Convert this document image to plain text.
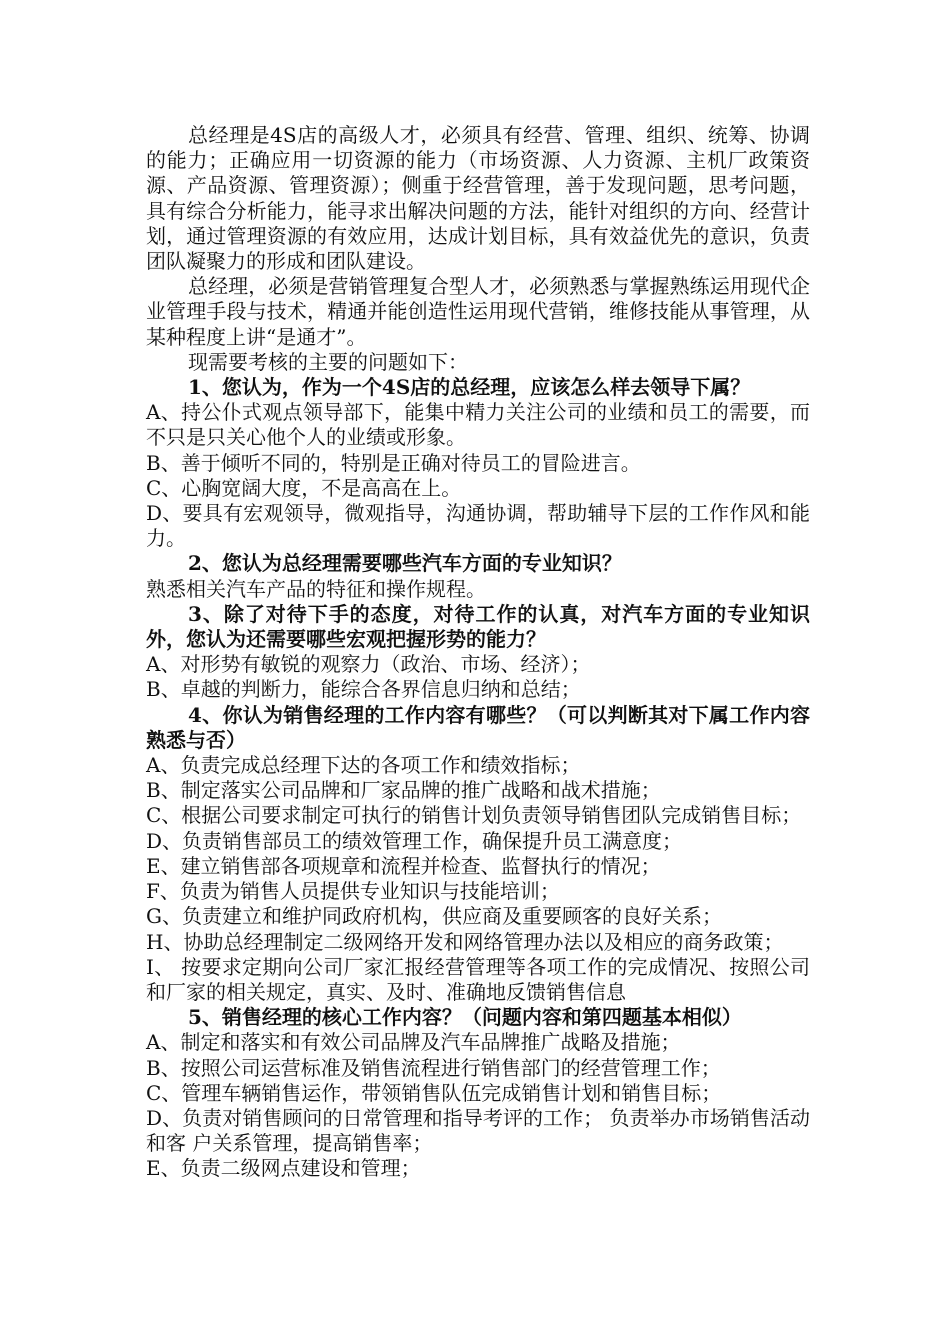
总经理是4S店的高级人才，必须具有经营、管理、组织、统筹、协调的能力；正确应用一切资源的能力（市场资源、人力资源、主机厂政策资源、产品资源、管理资源）；侧重于经营管理，善于发现问题，思考问题，具有综合分析能力，能寻求出解决问题的方法，能针对组织的方向、经营计划，通过管理资源的有效应用，达成计划目标，具有效益优先的意识，负责团队凝聚力的形成和团队建设。

总经理，必须是营销管理复合型人才，必须熟悉与掌握熟练运用现代企业管理手段与技术，精通并能创造性运用现代营销，维修技能从事管理，从某种程度上讲“是通才”。

现需要考核的主要的问题如下：

1、您认为，作为一个4S店的总经理，应该怎么样去领导下属？

A、持公仆式观点领导部下，能集中精力关注公司的业绩和员工的需要，而不只是只关心他个人的业绩或形象。

B、善于倾听不同的，特别是正确对待员工的冒险进言。

C、心胸宽阔大度，不是高高在上。

D、要具有宏观领导，微观指导，沟通协调，帮助辅导下层的工作作风和能力。

2、您认为总经理需要哪些汽车方面的专业知识？

熟悉相关汽车产品的特征和操作规程。

3、除了对待下手的态度，对待工作的认真，对汽车方面的专业知识外，您认为还需要哪些宏观把握形势的能力？

A、对形势有敏锐的观察力（政治、市场、经济）；

B、卓越的判断力，能综合各界信息归纳和总结；

4、你认为销售经理的工作内容有哪些？（可以判断其对下属工作内容熟悉与否）

A、负责完成总经理下达的各项工作和绩效指标；

B、制定落实公司品牌和厂家品牌的推广战略和战术措施；

C、根据公司要求制定可执行的销售计划负责领导销售团队完成销售目标；

D、负责销售部员工的绩效管理工作，确保提升员工满意度；

E、建立销售部各项规章和流程并检查、监督执行的情况；

F、负责为销售人员提供专业知识与技能培训；

G、负责建立和维护同政府机构，供应商及重要顾客的良好关系；

H、协助总经理制定二级网络开发和网络管理办法以及相应的商务政策；

I、 按要求定期向公司厂家汇报经营管理等各项工作的完成情况、按照公司和厂家的相关规定，真实、及时、准确地反馈销售信息

5、销售经理的核心工作内容？（问题内容和第四题基本相似）

A、制定和落实和有效公司品牌及汽车品牌推广战略及措施；

B、按照公司运营标准及销售流程进行销售部门的经营管理工作；

C、管理车辆销售运作，带领销售队伍完成销售计划和销售目标；

D、负责对销售顾问的日常管理和指导考评的工作； 负责举办市场销售活动和客 户关系管理，提高销售率；

E、负责二级网点建设和管理；
